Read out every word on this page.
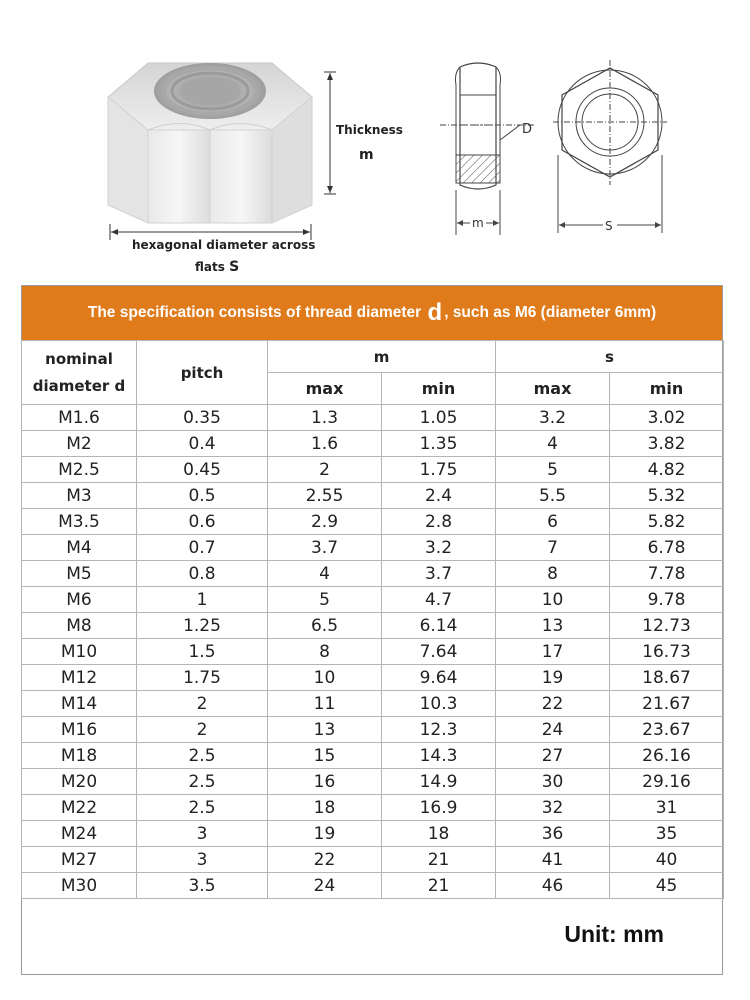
Thickness
m
hexagonal diameter across
flats S
D
m	S
The specification consists of thread diameter
d , such as M6 (diameter 6mm)
nominal diameter d	pitch	m		s	
		max	min	max	min
M1.6	0.35	1.3	1.05	3.2	3.02
M2	0.4	1.6	1.35	4	3.82
M2.5	0.45	2	1.75	5	4.82
M3	0.5	2.55	2.4	5.5	5.32
M3.5	0.6	2.9	2.8	6	5.82
M4	0.7	3.7	3.2	7	6.78
M5	0.8	4	3.7	8	7.78
M6	1	5	4.7	10	9.78
M8	1.25	6.5	6.14	13	12.73
M10	1.5	8	7.64	17	16.73
M12	1.75	10	9.64	19	18.67
M14	2	11	10.3	22	21.67
M16	2	13	12.3	24	23.67
M18	2.5	15	14.3	27	26.16
M20	2.5	16	14.9	30	29.16
M22	2.5	18	16.9	32	31
M24	3	19	18	36	35
M27	3	22	21	41	40
M30	3.5	24	21	46	45
Unit: mm
